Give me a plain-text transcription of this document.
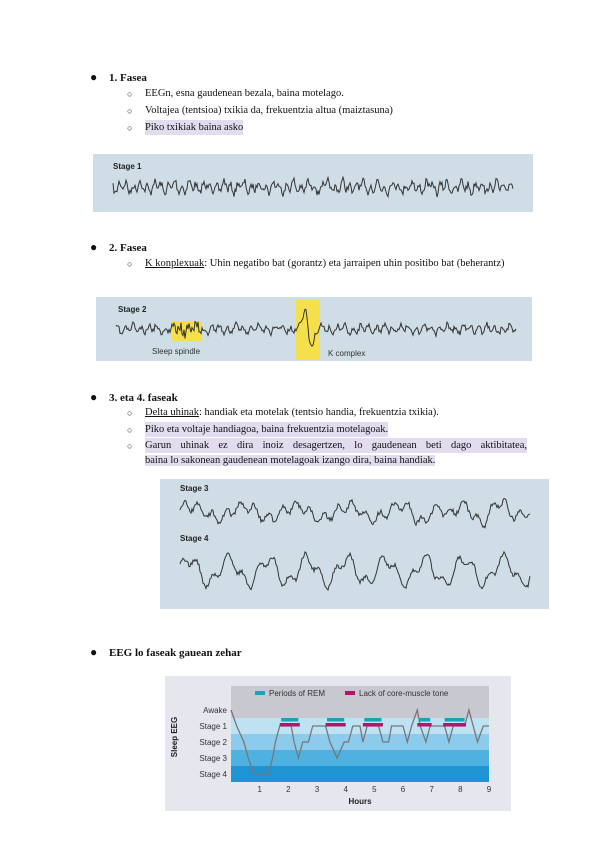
● 1. Fasea
○ EEGn, esna gaudenean bezala, baina motelago.
○ Voltajea (tentsioa) txikia da, frekuentzia altua (maiztasuna)
○ Piko txikiak baina asko
Stage 1
● 2. Fasea
○ K konplexuak: Uhin negatibo bat (gorantz) eta jarraipen uhin positibo bat (beherantz)
Stage 2
Sleep spindle	K complex
● 3. eta 4. faseak
○ Delta uhinak: handiak eta motelak (tentsio handia, frekuentzia txikia).
○ Piko eta voltaje handiagoa, baina frekuentzia motelagoak.
○ Garun uhinak ez dira inoiz desagertzen, lo gaudenean beti dago aktibitatea, baina lo sakonean gaudenean motelagoak izango dira, baina handiak.
Stage 3
Stage 4
● EEG lo faseak gauean zehar
Awake
Stage 1
Stage 2
Stage 3
Stage 4
1	2	3	4	5	6	7	8	9
Sleep EEG
Hours
Periods of REM	Lack of core-muscle tone
